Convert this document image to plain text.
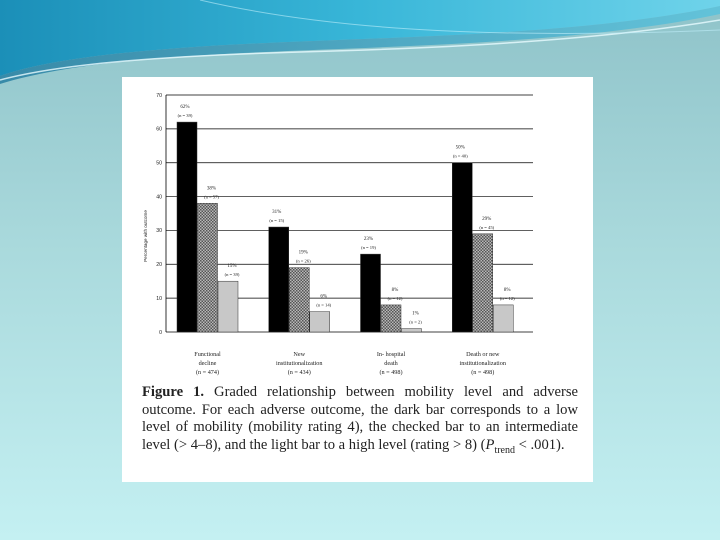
0
10
20
30
40
50
60
70
62%
(n = 39)
38%
(n = 57)
15%
(n = 39)
Functional
decline
(n = 474)
31%
(n = 15)
19%
(n = 26)
6%
(n = 14)
New
institutionalization
(n = 434)
23%
(n = 19)
8%
(n = 12)
1%
(n = 2)
In- hospital
death
(n = 498)
50%
(n = 40)
29%
(n = 45)
8%
(n = 12)
Death or new
institutionalization
(n = 498)
Percentage with outcome
Figure 1. Graded relationship between mobility level and adverse outcome. For each adverse outcome, the dark bar corresponds to a low level of mobility (mobility rating 4), the checked bar to an intermediate level (> 4–8), and the light bar to a high level (rating > 8) $(P_{trend} < .001)$.
